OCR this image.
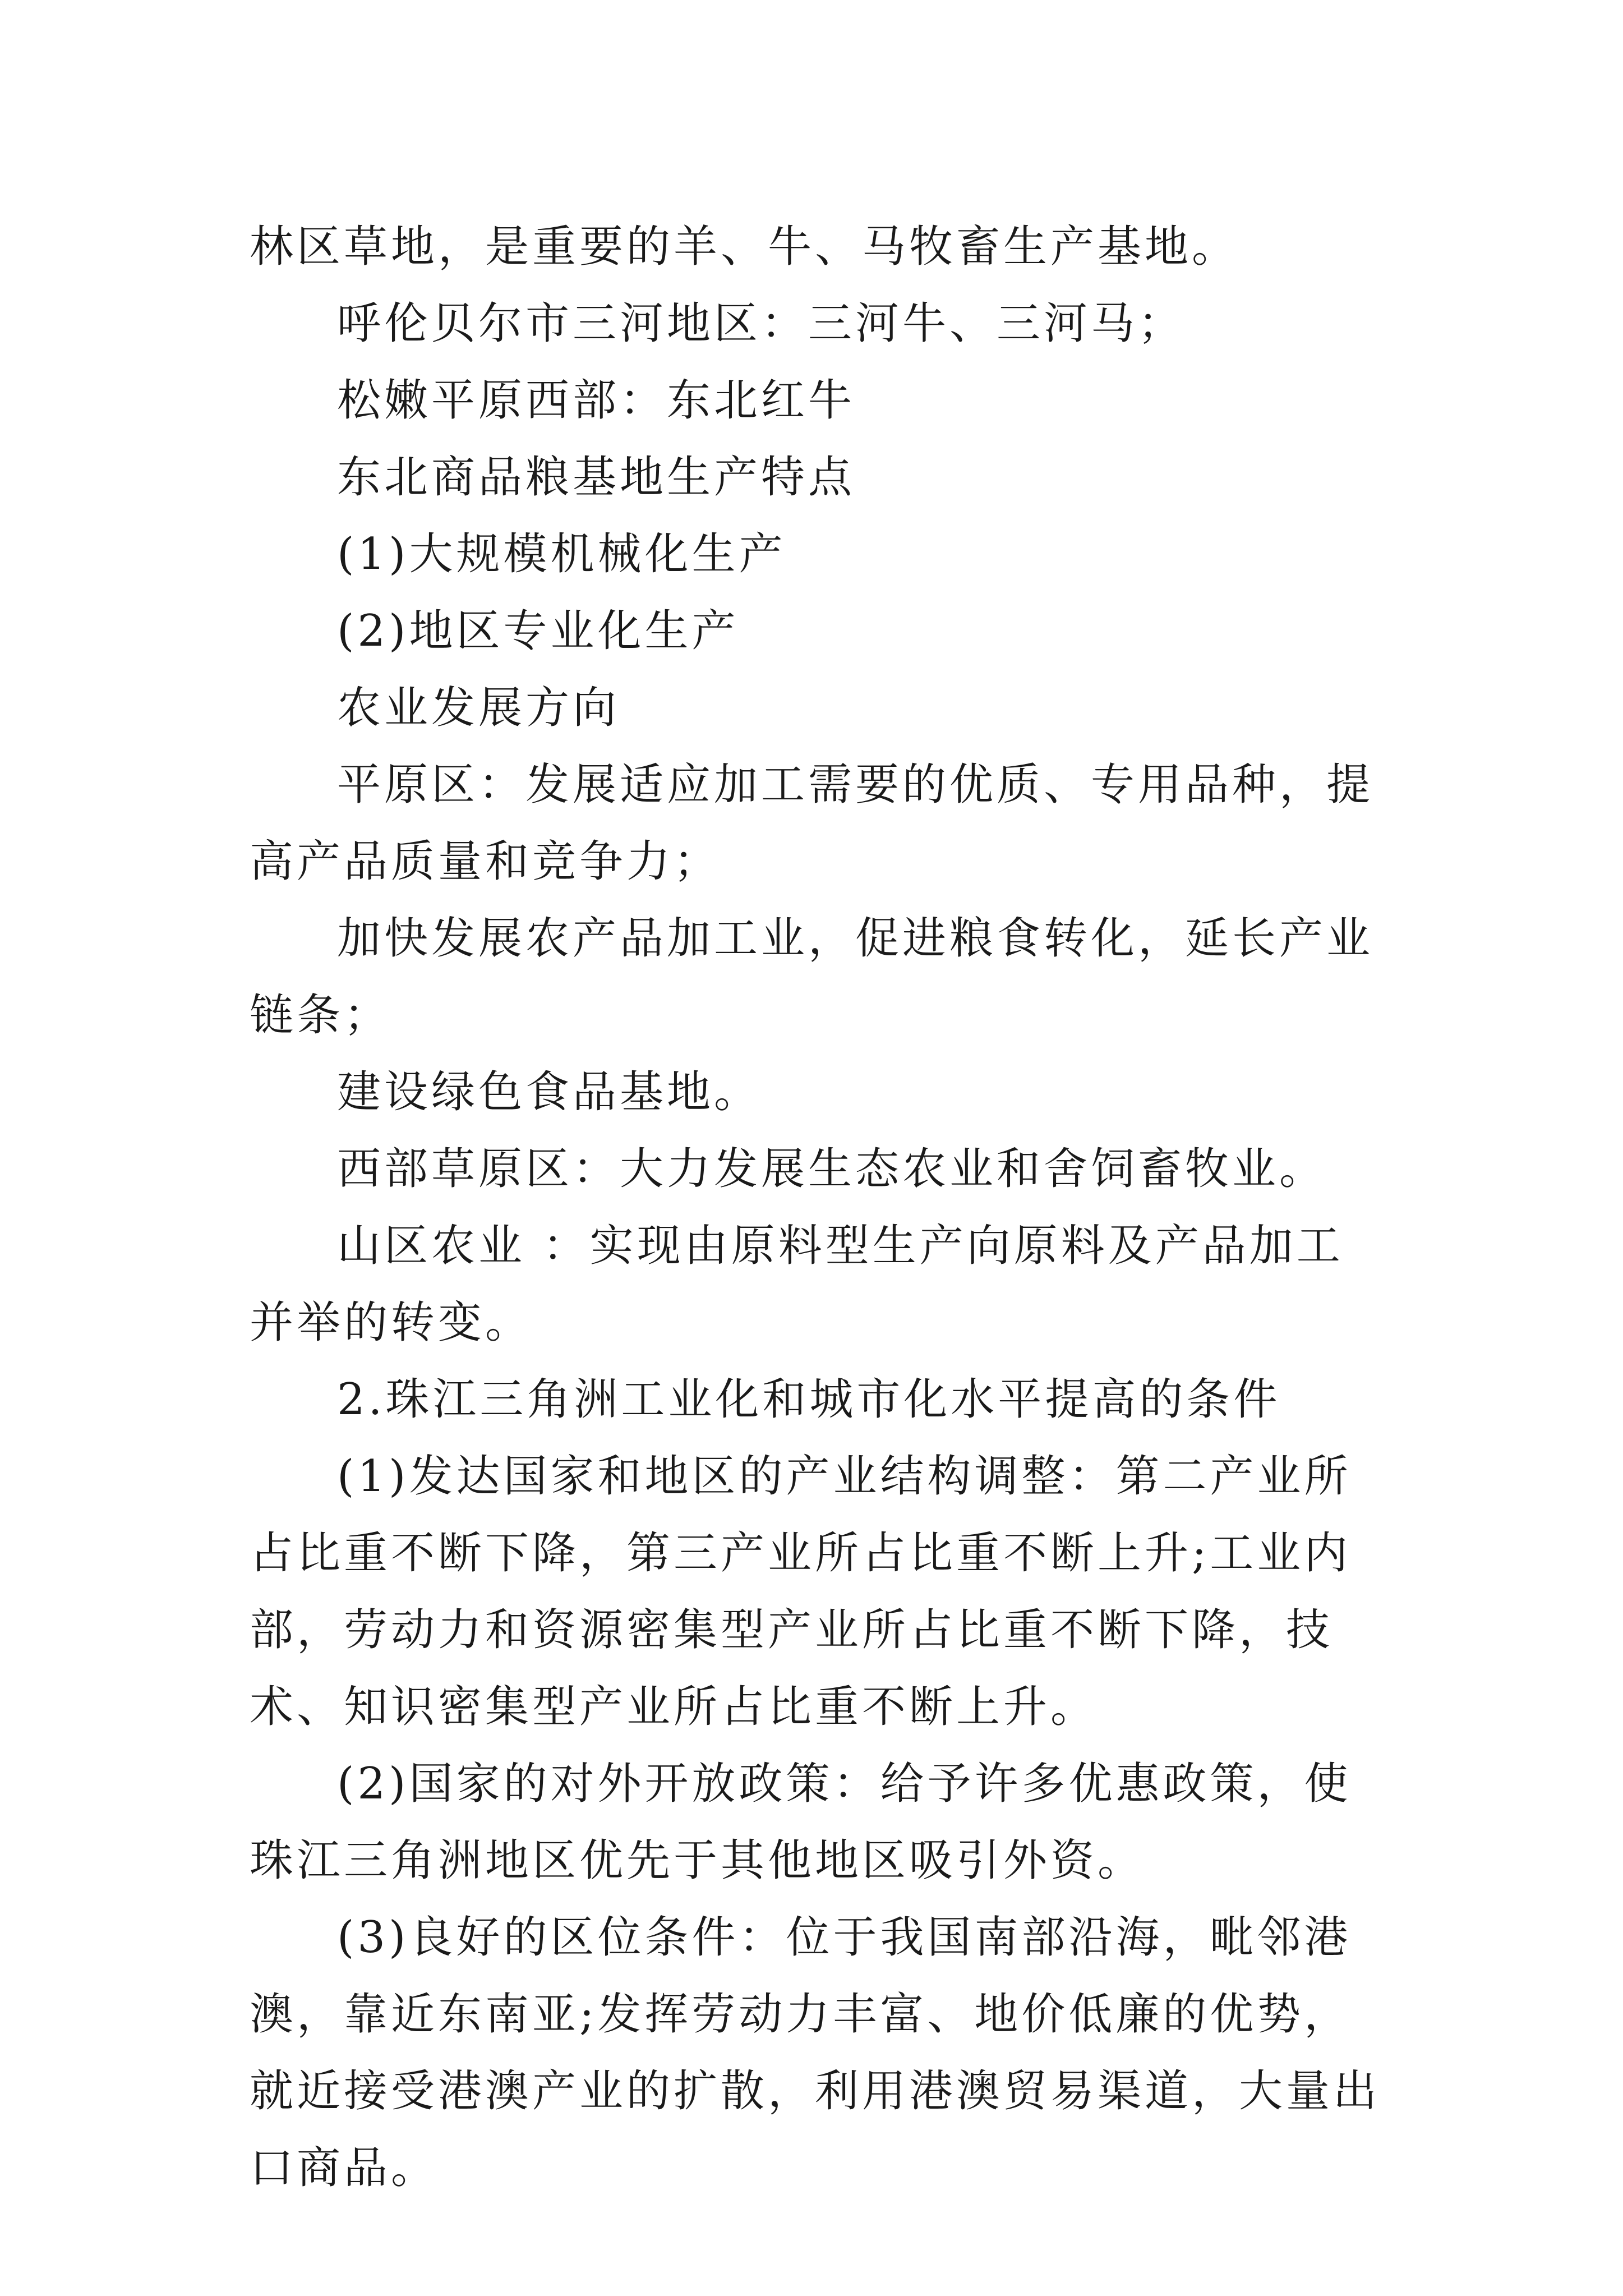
林区草地，是重要的羊、牛、马牧畜生产基地。

呼伦贝尔市三河地区：三河牛、三河马；

松嫩平原西部：东北红牛

东北商品粮基地生产特点

(1)大规模机械化生产

(2)地区专业化生产

农业发展方向

平原区：发展适应加工需要的优质、专用品种，提高产品质量和竞争力；

加快发展农产品加工业，促进粮食转化，延长产业链条；

建设绿色食品基地。

西部草原区：大力发展生态农业和舍饲畜牧业。

山区农业 ：实现由原料型生产向原料及产品加工并举的转变。

2.珠江三角洲工业化和城市化水平提高的条件

(1)发达国家和地区的产业结构调整：第二产业所占比重不断下降，第三产业所占比重不断上升;工业内部，劳动力和资源密集型产业所占比重不断下降，技术、知识密集型产业所占比重不断上升。

(2)国家的对外开放政策：给予许多优惠政策，使珠江三角洲地区优先于其他地区吸引外资。

(3)良好的区位条件：位于我国南部沿海，毗邻港澳，靠近东南亚;发挥劳动力丰富、地价低廉的优势，就近接受港澳产业的扩散，利用港澳贸易渠道，大量出口商品。
